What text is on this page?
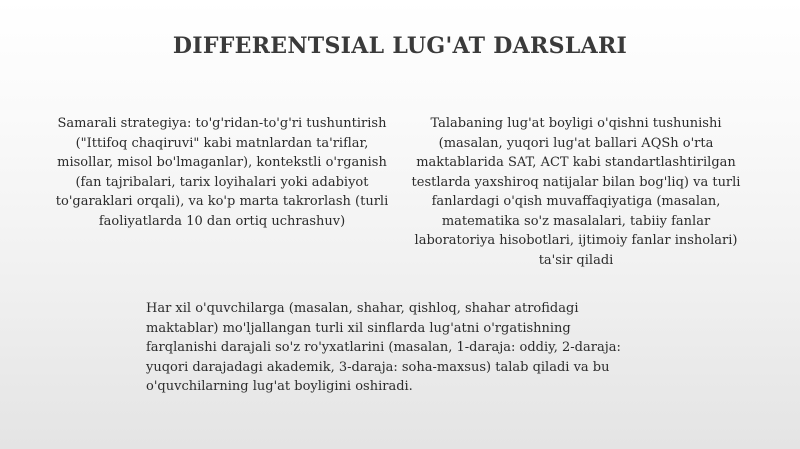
DIFFERENTSIAL LUG'AT DARSLARI
Samarali strategiya: to'g'ridan-to'g'ri tushuntirish ("Ittifoq chaqiruvi" kabi matnlardan ta'riflar, misollar, misol bo'lmaganlar), kontekstli o'rganish (fan tajribalari, tarix loyihalari yoki adabiyot to'garaklari orqali), va ko'p marta takrorlash (turli faoliyatlarda 10 dan ortiq uchrashuv)
Talabaning lug'at boyligi o'qishni tushunishi (masalan, yuqori lug'at ballari AQSh o'rta maktablarida SAT, ACT kabi standartlashtirilgan testlarda yaxshiroq natijalar bilan bog'liq) va turli fanlardagi o'qish muvaffaqiyatiga (masalan, matematika so'z masalalari, tabiiy fanlar laboratoriya hisobotlari, ijtimoiy fanlar insholari) ta'sir qiladi
Har xil o'quvchilarga (masalan, shahar, qishloq, shahar atrofidagi maktablar) mo'ljallangan turli xil sinflarda lug'atni o'rgatishning farqlanishi darajali so'z ro'yxatlarini (masalan, 1-daraja: oddiy, 2-daraja: yuqori darajadagi akademik, 3-daraja: soha-maxsus) talab qiladi va bu o'quvchilarning lug'at boyligini oshiradi.
